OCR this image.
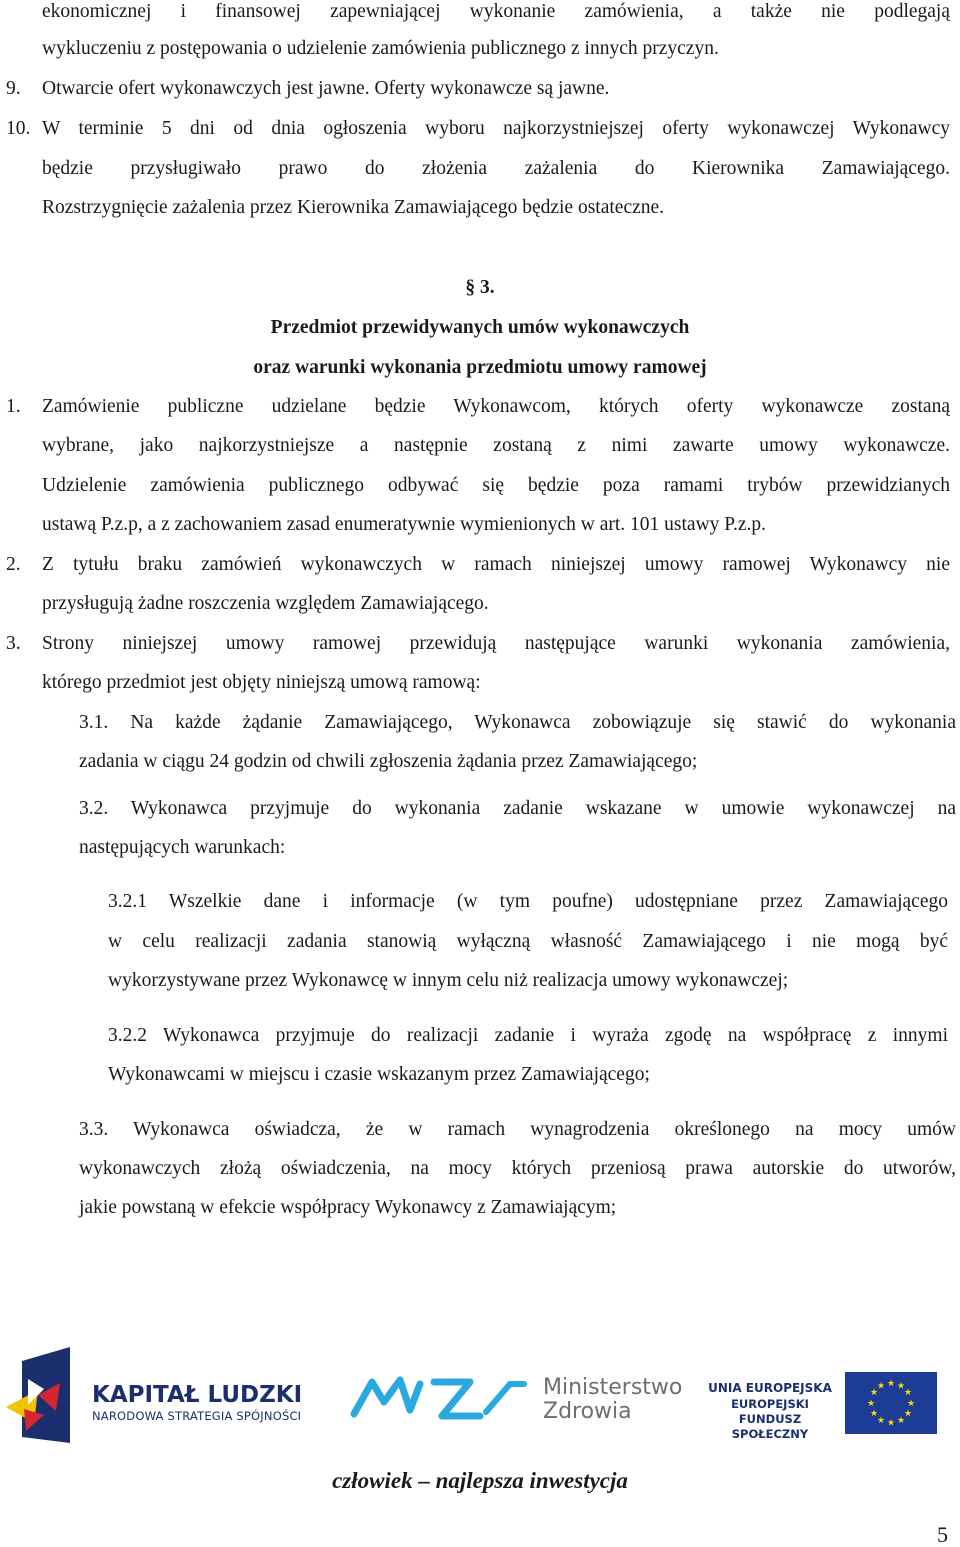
ekonomicznej i finansowej zapewniającej wykonanie zamówienia, a także nie podlegają
wykluczeniu z postępowania o udzielenie zamówienia publicznego z innych przyczyn.
9. Otwarcie ofert wykonawczych jest jawne. Oferty wykonawcze są jawne.
10. W terminie 5 dni od dnia ogłoszenia wyboru najkorzystniejszej oferty wykonawczej Wykonawcy
będzie przysługiwało prawo do złożenia zażalenia do Kierownika Zamawiającego.
Rozstrzygnięcie zażalenia przez Kierownika Zamawiającego będzie ostateczne.
§ 3.
Przedmiot przewidywanych umów wykonawczych
oraz warunki wykonania przedmiotu umowy ramowej
1. Zamówienie publiczne udzielane będzie Wykonawcom, których oferty wykonawcze zostaną
wybrane, jako najkorzystniejsze a następnie zostaną z nimi zawarte umowy wykonawcze.
Udzielenie zamówienia publicznego odbywać się będzie poza ramami trybów przewidzianych
ustawą P.z.p, a z zachowaniem zasad enumeratywnie wymienionych w art. 101 ustawy P.z.p.
2. Z tytułu braku zamówień wykonawczych w ramach niniejszej umowy ramowej Wykonawcy nie
przysługują żadne roszczenia względem Zamawiającego.
3. Strony niniejszej umowy ramowej przewidują następujące warunki wykonania zamówienia,
którego przedmiot jest objęty niniejszą umową ramową:
3.1. Na każde żądanie Zamawiającego, Wykonawca zobowiązuje się stawić do wykonania
zadania w ciągu 24 godzin od chwili zgłoszenia żądania przez Zamawiającego;
3.2. Wykonawca przyjmuje do wykonania zadanie wskazane w umowie wykonawczej na
następujących warunkach:
3.2.1 Wszelkie dane i informacje (w tym poufne) udostępniane przez Zamawiającego
w celu realizacji zadania stanowią wyłączną własność Zamawiającego i nie mogą być
wykorzystywane przez Wykonawcę w innym celu niż realizacja umowy wykonawczej;
3.2.2 Wykonawca przyjmuje do realizacji zadanie i wyraża zgodę na współpracę z innymi
Wykonawcami w miejscu i czasie wskazanym przez Zamawiającego;
3.3. Wykonawca oświadcza, że w ramach wynagrodzenia określonego na mocy umów
wykonawczych złożą oświadczenia, na mocy których przeniosą prawa autorskie do utworów,
jakie powstaną w efekcie współpracy Wykonawcy z Zamawiającym;
KAPITAŁ LUDZKI
NARODOWA STRATEGIA SPÓJNOŚCI
Ministerstwo
Zdrowia
UNIA EUROPEJSKA
EUROPEJSKI
FUNDUSZ SPOŁECZNY
★ ★
★
★
★
★
★
★
★
★
★
★
człowiek – najlepsza inwestycja
5
